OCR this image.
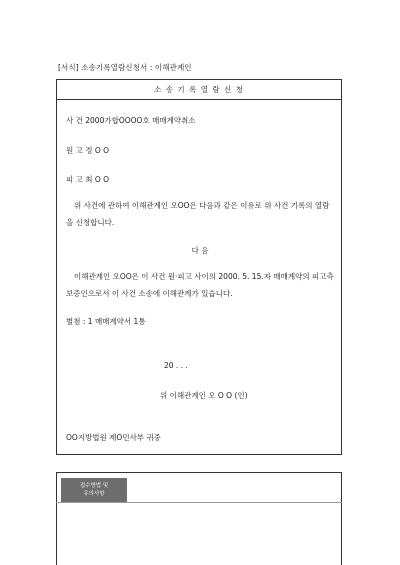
[서식] 소송기록열람신청서 : 이해관계인
소 송 기 록 열 람 신 청
사 건 2000가합OOOO호 매매계약취소
원 고 정 O O
피 고 최 O O
위 사건에 관하여 이해관계인 오OO은 다음과 같은 이유로 위 사건 기록의 열람을 신청합니다.
다 음
이해관계인 오OO은 이 사건 원·피고 사이의 2000. 5. 15.자 매매계약의 피고측 보증인으로서 이 사건 소송에 이해관계가 있습니다.
별첨 : 1 매매계약서 1통
20 . . .
위 이해관계인 오 O O (인)
OO지방법원 제O민사부 귀중
접수방법 및
유의사항
